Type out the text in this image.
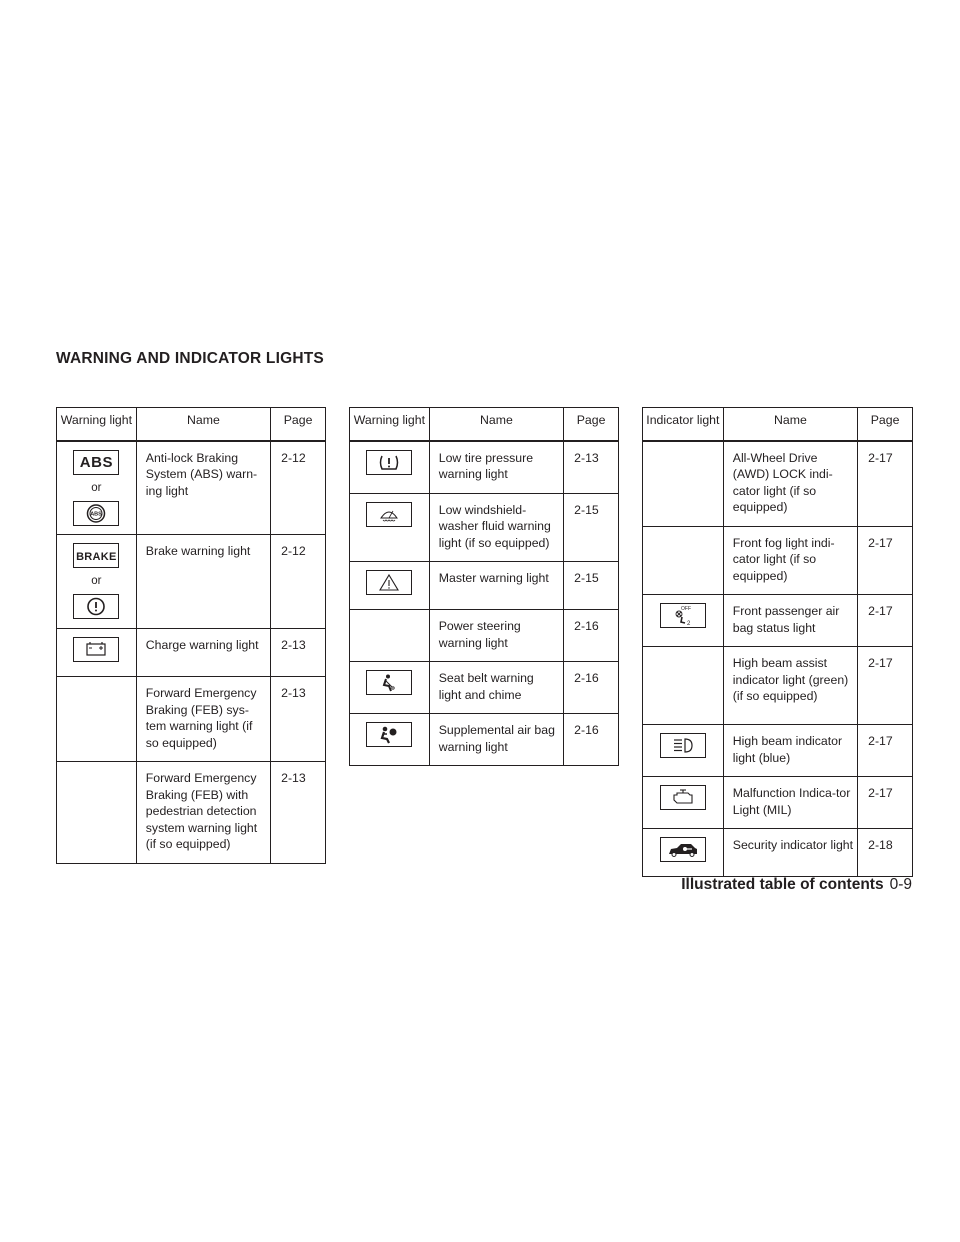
WARNING AND INDICATOR LIGHTS
Warning light	Name	Page

ABS
or
ABS	Anti-lock Braking System (ABS) warn-ing light	2-12

BRAKE
or	Brake warning light	2-12

	Charge warning light	2-13
	Forward Emergency Braking (FEB) sys-tem warning light (if so equipped)	2-13
	Forward Emergency Braking (FEB) with pedestrian detection system warning light (if so equipped)	2-13
Warning light	Name	Page

	Low tire pressure warning light	2-13

	Low windshield-washer fluid warning light (if so equipped)	2-15

	Master warning light	2-15
	Power steering warning light	2-16

	Seat belt warning light and chime	2-16

	Supplemental air bag warning light	2-16
Indicator light	Name	Page
	All-Wheel Drive (AWD) LOCK indi-cator light (if so equipped)	2-17
	Front fog light indi-cator light (if so equipped)	2-17

OFF
2	Front passenger air bag status light	2-17
	High beam assist indicator light (green) (if so equipped)	2-17

	High beam indicator light (blue)	2-17

	Malfunction Indica-tor Light (MIL)	2-17

	Security indicator light	2-18
Illustrated table of contents 0-9
